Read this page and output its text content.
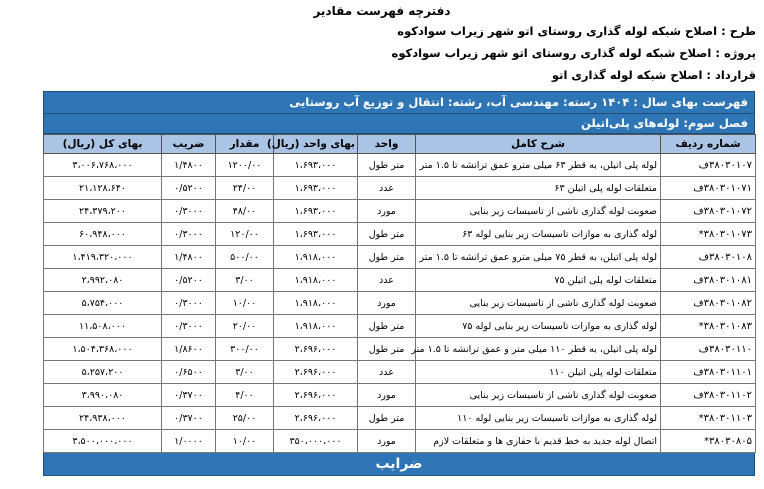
دفترچه فهرست مقادیر
طرح :اصلاح شبکه لوله گذاری روستای اتو شهر زیراب سوادکوه
پروژه :اصلاح شبکه لوله گذاری روستای اتو شهر زیراب سوادکوه
قرارداد :اصلاح شبکه لوله گذاری اتو
فهرست بهای سال : ۱۴۰۴ رسته: مهندسی آب، رشته: انتقال و توزیع آب روستایی
فصل سوم: لوله‌های پلی‌اتیلن
شماره ردیف	شرح کامل	واحد	بهای واحد (ریال)	مقدار	ضریب	بهای کل (ریال)
۳۸۰۳۰۱۰۷ف	لوله پلی اتیلن، به قطر ۶۳ میلی مترو عمق ترانشه تا ۱.۵ متر	متر طول	۱،۶۹۳،۰۰۰	۱۲۰۰/۰۰	۱/۴۸۰۰	۳،۰۰۶،۷۶۸،۰۰۰
۳۸۰۳۰۱۰۷۱ف	متعلقات لوله پلی اتیلن ۶۳	عدد	۱،۶۹۳،۰۰۰	۲۴/۰۰	۰/۵۲۰۰	۲۱،۱۲۸،۶۴۰
۳۸۰۳۰۱۰۷۲ف	صعوبت لوله گذاری ناشی از تاسیسات زیر بنایی	مورد	۱،۶۹۳،۰۰۰	۴۸/۰۰	۰/۳۰۰۰	۲۴،۳۷۹،۲۰۰
۳۸۰۳۰۱۰۷۳*	لوله گذاری به موازات تاسیسات زیر بنایی لوله ۶۳	متر طول	۱،۶۹۳،۰۰۰	۱۲۰/۰۰	۰/۳۰۰۰	۶۰،۹۴۸،۰۰۰
۳۸۰۳۰۱۰۸ف	لوله پلی اتیلن، به قطر ۷۵ میلی مترو عمق ترانشه تا ۱.۵ متر	متر طول	۱،۹۱۸،۰۰۰	۵۰۰/۰۰	۱/۴۸۰۰	۱،۴۱۹،۳۲۰،۰۰۰
۳۸۰۳۰۱۰۸۱ف	متعلقات لوله پلی اتیلن ۷۵	عدد	۱،۹۱۸،۰۰۰	۳/۰۰	۰/۵۲۰۰	۲،۹۹۲،۰۸۰
۳۸۰۳۰۱۰۸۲ف	صعوبت لوله گذاری ناشی از تاسیسات زیر بنایی	مورد	۱،۹۱۸،۰۰۰	۱۰/۰۰	۰/۳۰۰۰	۵،۷۵۴،۰۰۰
۳۸۰۳۰۱۰۸۳*	لوله گذاری به موازات تاسیسات زیر بنایی لوله ۷۵	متر طول	۱،۹۱۸،۰۰۰	۲۰/۰۰	۰/۳۰۰۰	۱۱،۵۰۸،۰۰۰
۳۸۰۳۰۱۱۰ف	لوله پلی اتیلن، به قطر ۱۱۰ میلی متر و عمق ترانشه تا ۱.۵ متر	متر طول	۲،۶۹۶،۰۰۰	۳۰۰/۰۰	۱/۸۶۰۰	۱،۵۰۴،۳۶۸،۰۰۰
۳۸۰۳۰۱۱۰۱ف	متعلقات لوله پلی اتیلن ۱۱۰	عدد	۲،۶۹۶،۰۰۰	۳/۰۰	۰/۶۵۰۰	۵،۲۵۷،۲۰۰
۳۸۰۳۰۱۱۰۲ف	صعوبت لوله گذاری ناشی از تاسیسات زیر بنایی	مورد	۲،۶۹۶،۰۰۰	۴/۰۰	۰/۳۷۰۰	۳،۹۹۰،۰۸۰
۳۸۰۳۰۱۱۰۳*	لوله گذاری به موازات تاسیسات زیر بنایی لوله ۱۱۰	متر طول	۲،۶۹۶،۰۰۰	۲۵/۰۰	۰/۳۷۰۰	۲۴،۹۳۸،۰۰۰
۳۸۰۳۰۸۰۵*	اتصال لوله جدید به خط قدیم با حفاری ها و متعلقات لازم	مورد	۳۵۰،۰۰۰،۰۰۰	۱۰/۰۰	۱/۰۰۰۰	۳،۵۰۰،۰۰۰،۰۰۰
ضرایب
